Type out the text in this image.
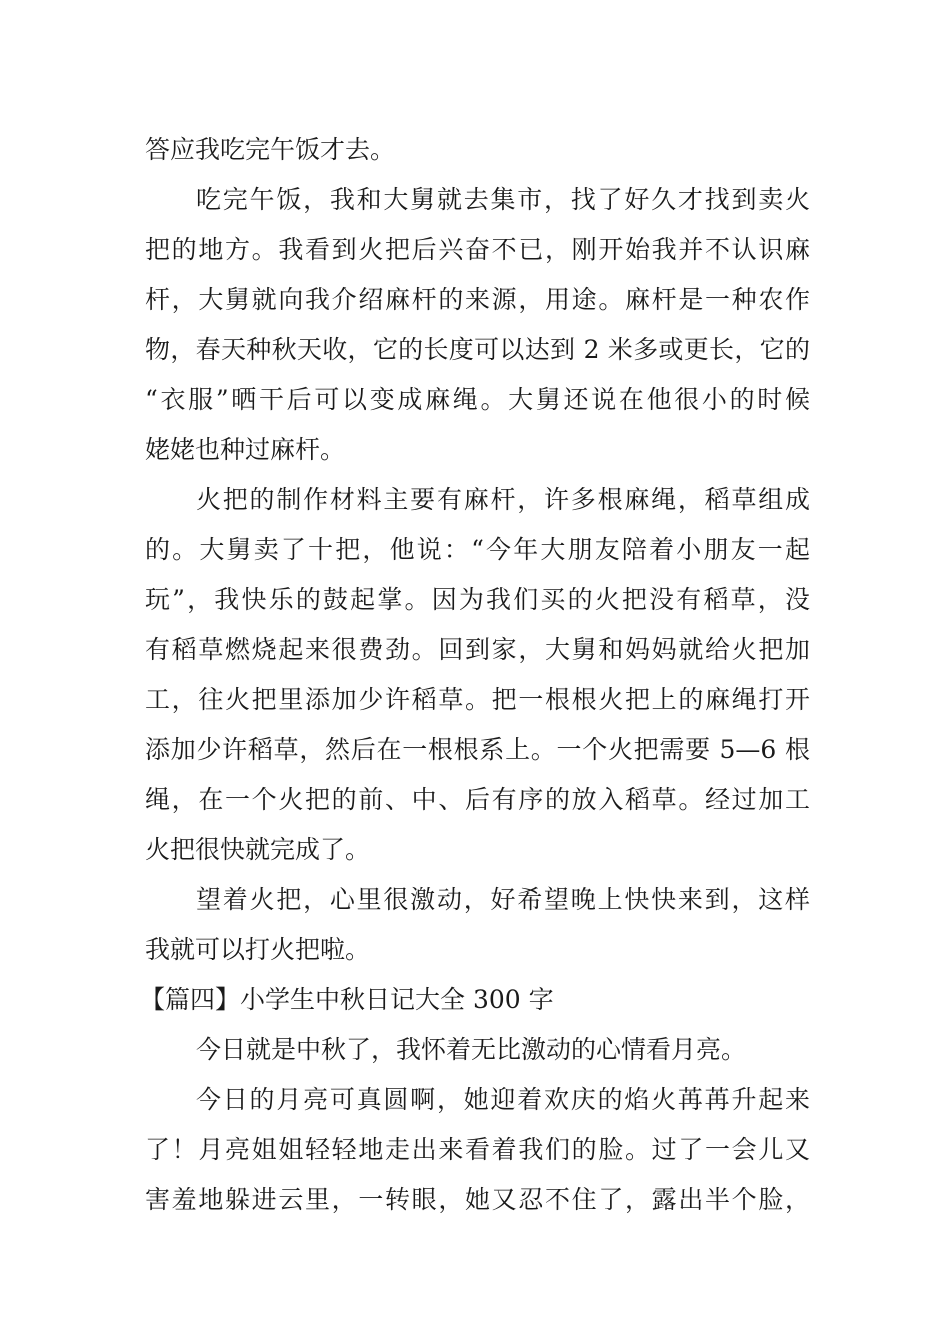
答应我吃完午饭才去。
吃完午饭，我和大舅就去集市，找了好久才找到卖火
把的地方。我看到火把后兴奋不已，刚开始我并不认识麻
杆，大舅就向我介绍麻杆的来源，用途。麻杆是一种农作
物，春天种秋天收，它的长度可以达到 2 米多或更长，它的
“衣服”晒干后可以变成麻绳。大舅还说在他很小的时候
姥姥也种过麻杆。
火把的制作材料主要有麻杆，许多根麻绳，稻草组成
的。大舅卖了十把，他说：“今年大朋友陪着小朋友一起
玩”，我快乐的鼓起掌。因为我们买的火把没有稻草，没
有稻草燃烧起来很费劲。回到家，大舅和妈妈就给火把加
工，往火把里添加少许稻草。把一根根火把上的麻绳打开
添加少许稻草，然后在一根根系上。一个火把需要 5—6 根
绳，在一个火把的前、中、后有序的放入稻草。经过加工
火把很快就完成了。
望着火把，心里很激动，好希望晚上快快来到，这样
我就可以打火把啦。
【篇四】小学生中秋日记大全 300 字
今日就是中秋了，我怀着无比激动的心情看月亮。
今日的月亮可真圆啊，她迎着欢庆的焰火苒苒升起来
了！月亮姐姐轻轻地走出来看着我们的脸。过了一会儿又
害羞地躲进云里，一转眼，她又忍不住了，露出半个脸，
